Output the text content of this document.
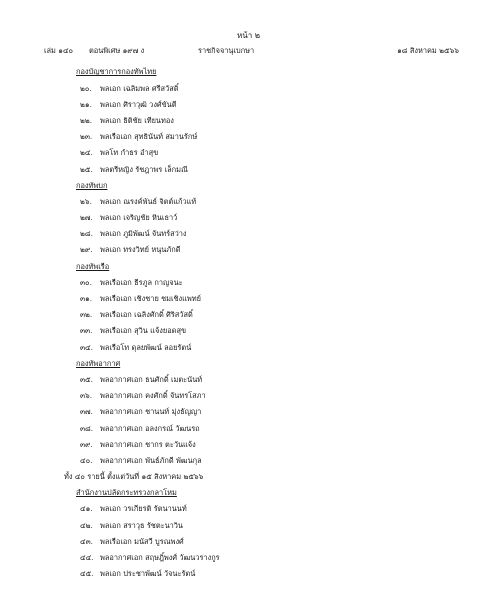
หน้า ๒
เล่ม ๑๔๐ ตอนพิเศษ ๑๙๗ ง	ราชกิจจานุเบกษา	๑๘ สิงหาคม ๒๕๖๖
กองบัญชาการกองทัพไทย
๒๐.	พลเอก เฉลิมพล ศรีสวัสดิ์
๒๑.	พลเอก ศิราวุฒิ วงศ์ขันตี
๒๒.	พลเอก ธิติชัย เทียนทอง
๒๓.	พลเรือเอก สุทธินันท์ สมานรักษ์
๒๔. พลโท กำธร อำสุข
๒๕. พลตรีหญิง รัชฎาพร เล็กมณี
กองทัพบก
๒๖.	พลเอก ณรงค์พันธ์ จิตต์แก้วแท้
๒๗. พลเอก เจริญชัย หินเธาว์
๒๘. พลเอก ภูมิพัฒน์ จันทร์สว่าง
๒๙. พลเอก ทรงวิทย์ หนุนภักดี
กองทัพเรือ
๓๐.	พลเรือเอก ธีรภูล กาญจนะ
๓๑.	พลเรือเอก เชิงชาย ชมเชิงแพทย์
๓๒.	พลเรือเอก เฉลิงศักดิ์ ศิริสวัสดิ์
๓๓.	พลเรือเอก สุวิน แจ้งยอดสุข
๓๔. พลเรือโท ดุลยพัฒน์ ลอยรัตน์
กองทัพอากาศ
๓๕. พลอากาศเอก ธนศักดิ์ เมตะนันท์
๓๖.	พลอากาศเอก คงศักดิ์ จันทรโสภา
๓๗. พลอากาศเอก ชานนท์ มุ่งธัญญา
๓๘. พลอากาศเอก อลงกรณ์ วัฒนรถ
๓๙. พลอากาศเอก ชากร ตะวันแจ้ง
๔๐.	พลอากาศเอก พันธ์ภักดี พัฒนกุล
ทั้ง ๔๐ รายนี้ ตั้งแต่วันที่ ๑๕ สิงหาคม ๒๕๖๖
สำนักงานปลัดกระทรวงกลาโหม
๔๑. พลเอก วรเกียรติ รัตนานนท์
๔๒. พลเอก สราวุธ รัชตะนาวิน
๔๓. พลเรือเอก มนัสวี บูรณพงศ์
๔๔. พลอากาศเอก สฤษฎิ์พงศ์ วัฒนวรางกูร
๔๕. พลเอก ประชาพัฒน์ วัจนะรัตน์
